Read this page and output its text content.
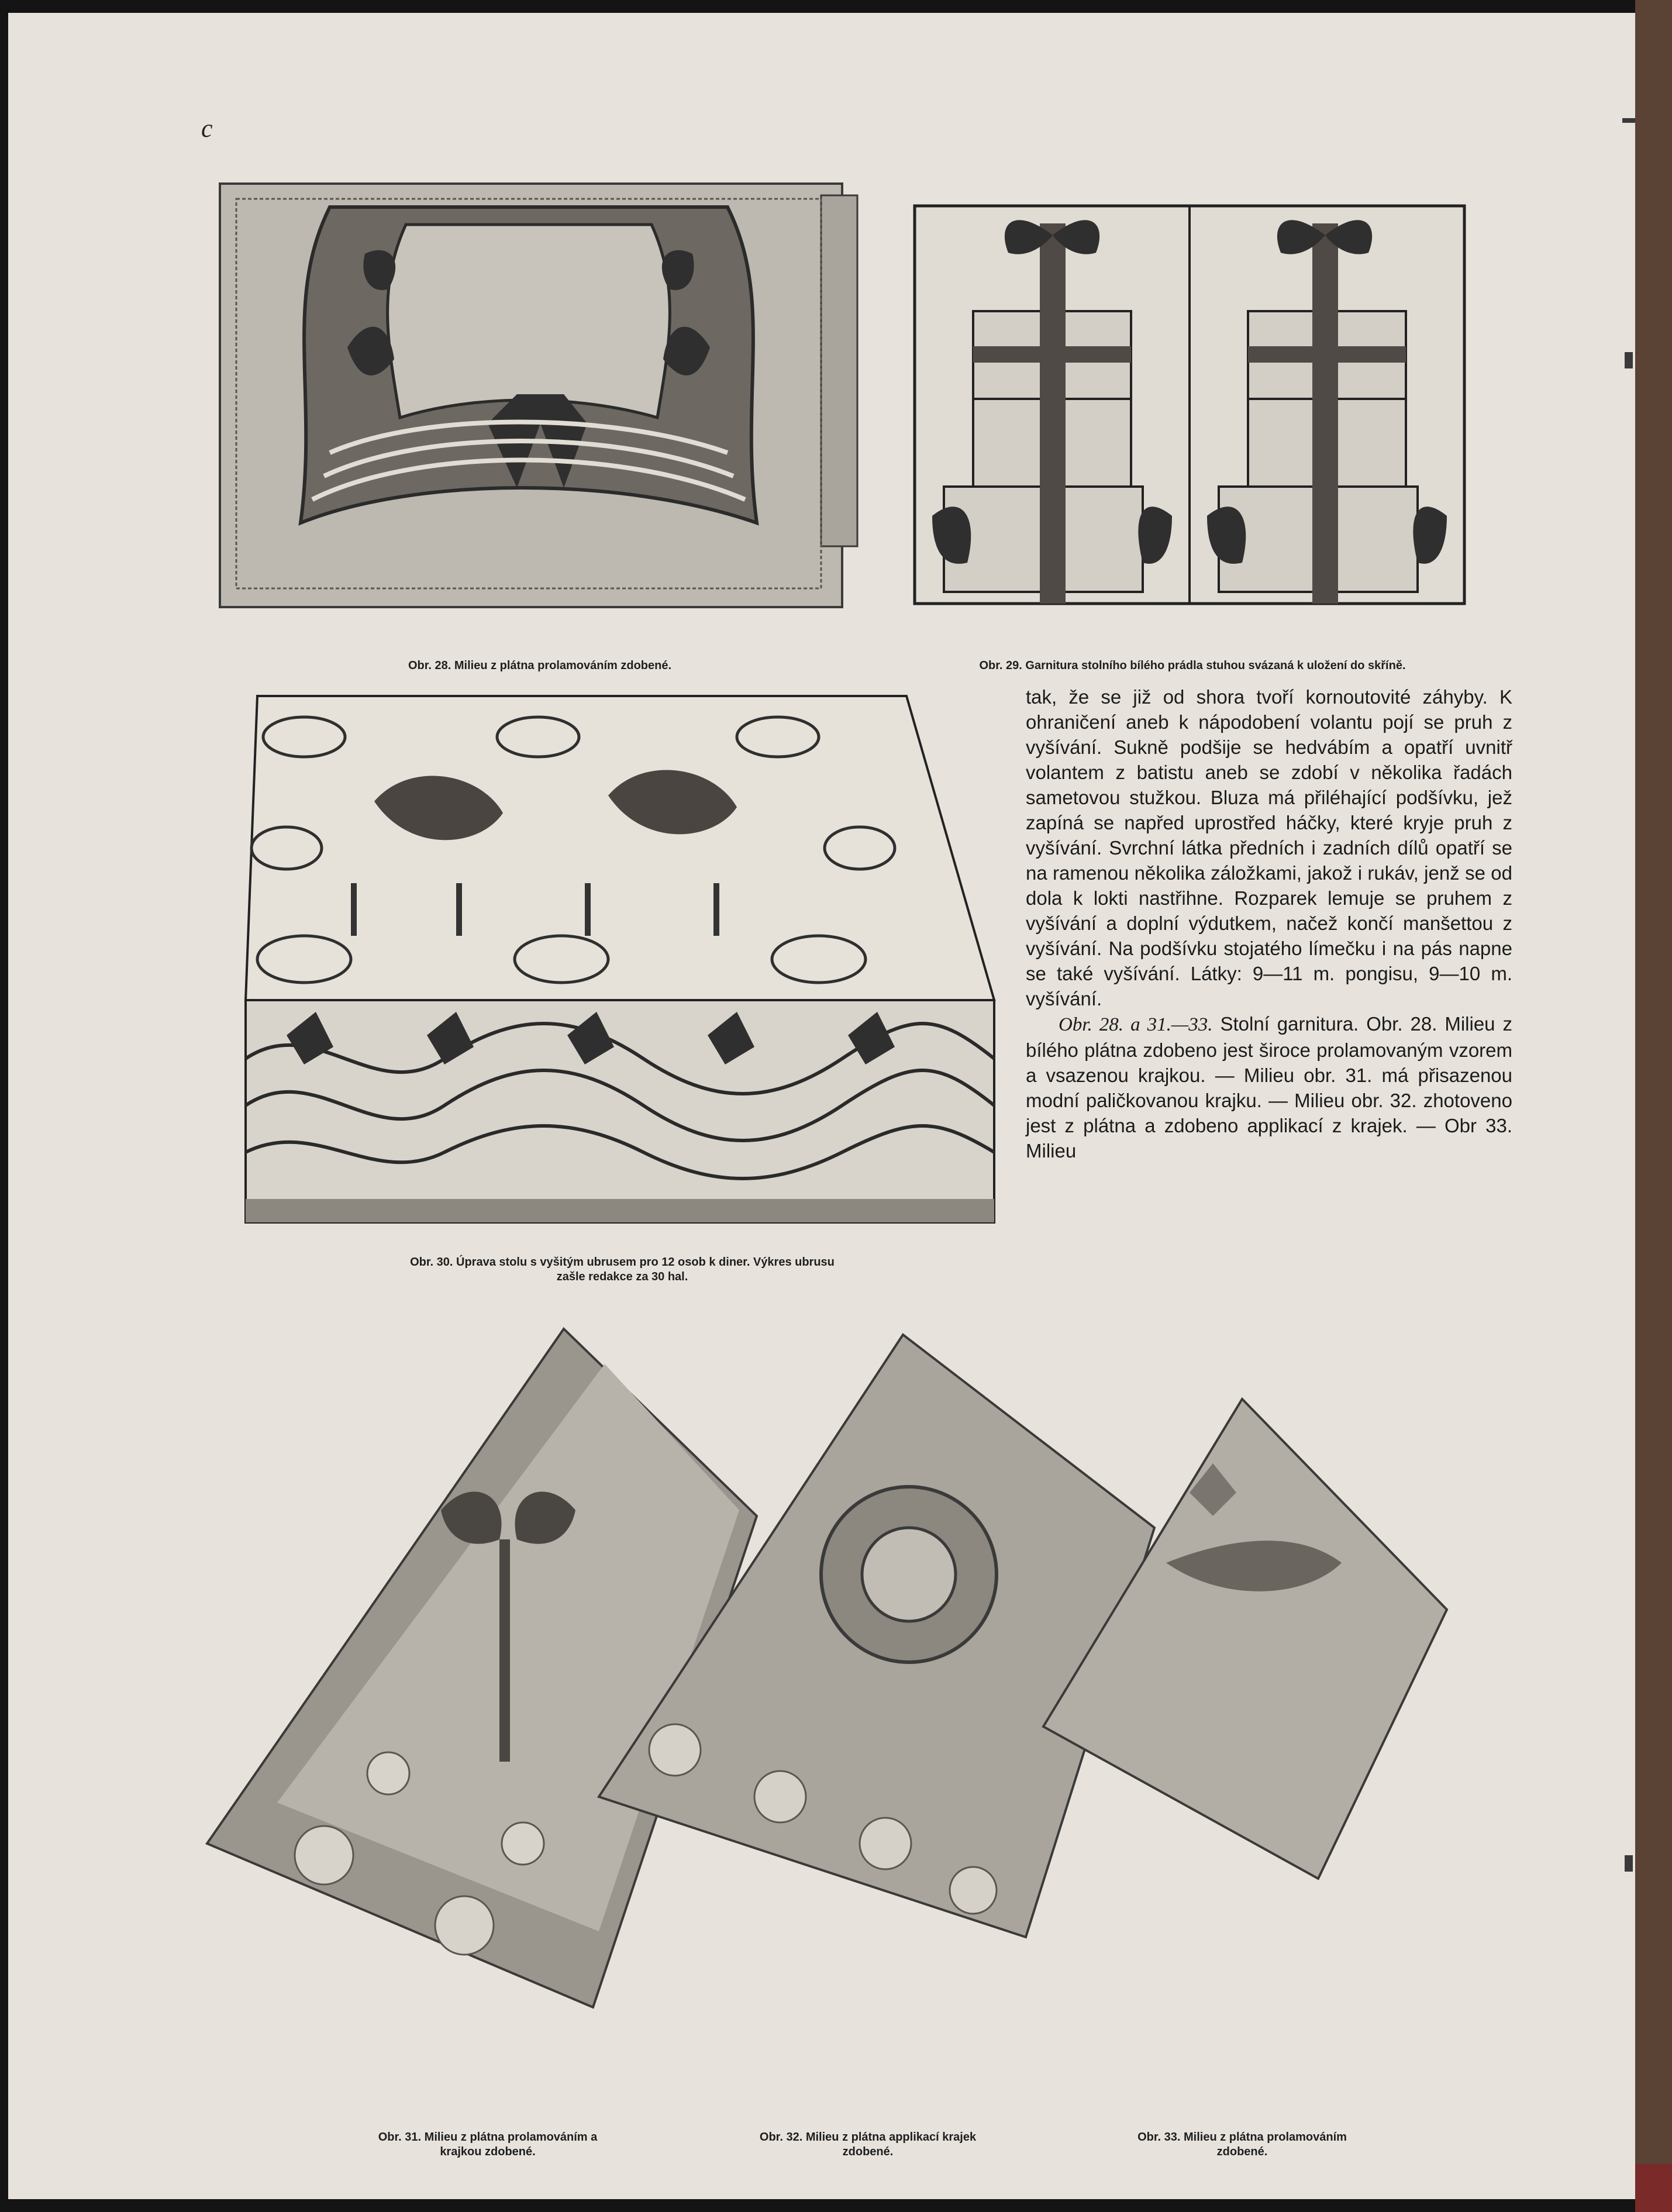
c
Obr. 28. Milieu z plátna prolamováním zdobené.	Obr. 29. Garnitura stolního bílého prádla stuhou svázaná k uložení do skříně.
Obr. 30. Úprava stolu s vyšitým ubrusem pro 12 osob k diner. Výkres ubrusu
zašle redakce za 30 hal.

tak, že se již od shora tvoří kornoutovité záhyby. K ohraničení aneb k nápodobení volantu pojí se pruh z vyšívání. Sukně podšije se hedvábím a opatří uvnitř volantem z batistu aneb se zdobí v několika řadách sametovou stužkou. Bluza má přiléhající podšívku, jež zapíná se napřed uprostřed háčky, které kryje pruh z vyšívání. Svrchní látka předních i zadních dílů opatří se na ramenou několika záložkami, jakož i rukáv, jenž se od dola k lokti nastřihne. Rozparek lemuje se pruhem z vyšívání a doplní výdutkem, načež končí manšettou z vyšívání. Na podšívku stojatého límečku i na pás napne se také vyšívání. Látky: 9—11 m. pongisu, 9—10 m. vyšívání.

Obr. 28. a 31.—33. Stolní garnitura. Obr. 28. Milieu z bílého plátna zdobeno jest široce prolamovaným vzorem a vsazenou krajkou. — Milieu obr. 31. má přisazenou modní paličkovanou krajku. — Milieu obr. 32. zhotoveno jest z plátna a zdobeno applikací z krajek. — Obr 33. Milieu

Obr. 31. Milieu z plátna prolamováním a
krajkou zdobené.
Obr. 32. Milieu z plátna applikací krajek
zdobené.
Obr. 33. Milieu z plátna prolamováním
zdobené.
